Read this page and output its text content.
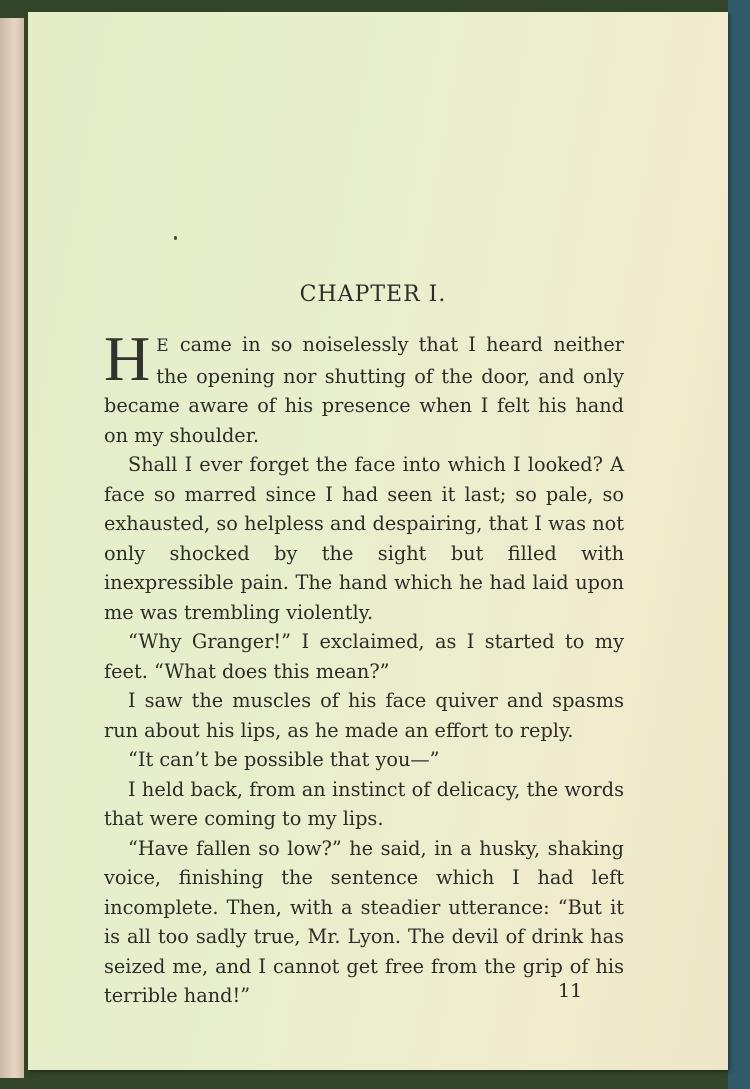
CHAPTER I.

H E came in so noiselessly that I heard neither the opening nor shutting of the door, and only became aware of his presence when I felt his hand on my shoulder.

Shall I ever forget the face into which I looked? A face so marred since I had seen it last; so pale, so exhausted, so helpless and despairing, that I was not only shocked by the sight but filled with inexpressible pain. The hand which he had laid upon me was trembling violently.

“Why Granger!” I exclaimed, as I started to my feet. “What does this mean?”

I saw the muscles of his face quiver and spasms run about his lips, as he made an effort to reply.

“It can’t be possible that you—”

I held back, from an instinct of delicacy, the words that were coming to my lips.

“Have fallen so low?” he said, in a husky, shaking voice, finishing the sentence which I had left incomplete. Then, with a steadier utterance: “But it is all too sadly true, Mr. Lyon. The devil of drink has seized me, and I cannot get free from the grip of his terrible hand!”	11
